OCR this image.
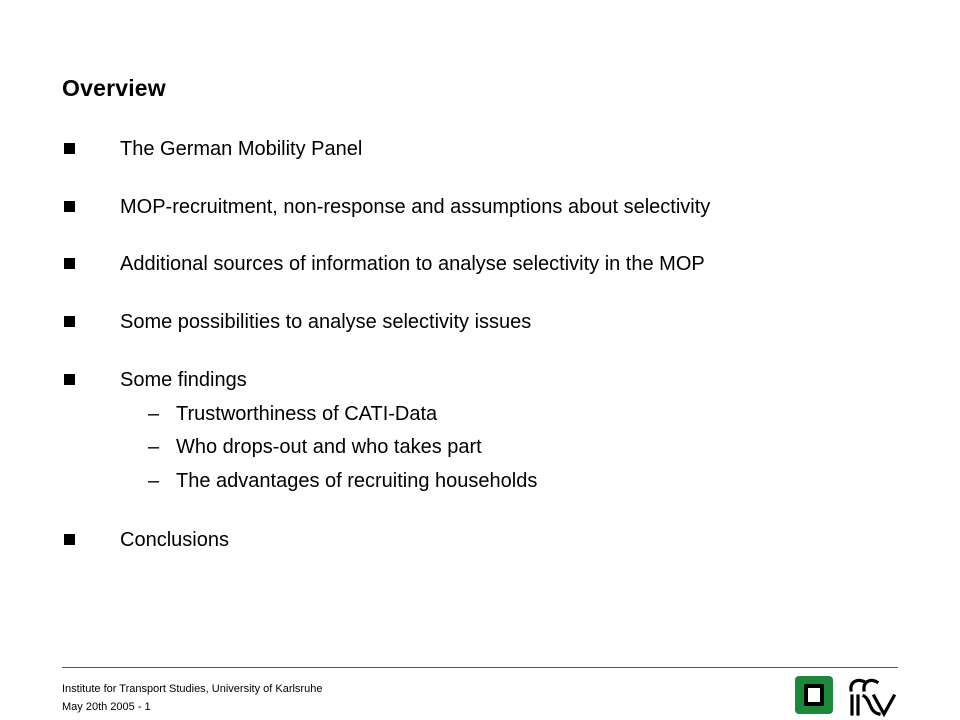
Overview
The German Mobility Panel
MOP-recruitment, non-response and assumptions about selectivity
Additional sources of information to analyse selectivity in the MOP
Some possibilities to analyse selectivity issues
Some findings
– Trustworthiness of CATI-Data
– Who drops-out and who takes part
– The advantages of recruiting households
Conclusions
Institute for Transport Studies, University of Karlsruhe
May 20th 2005 - 1
